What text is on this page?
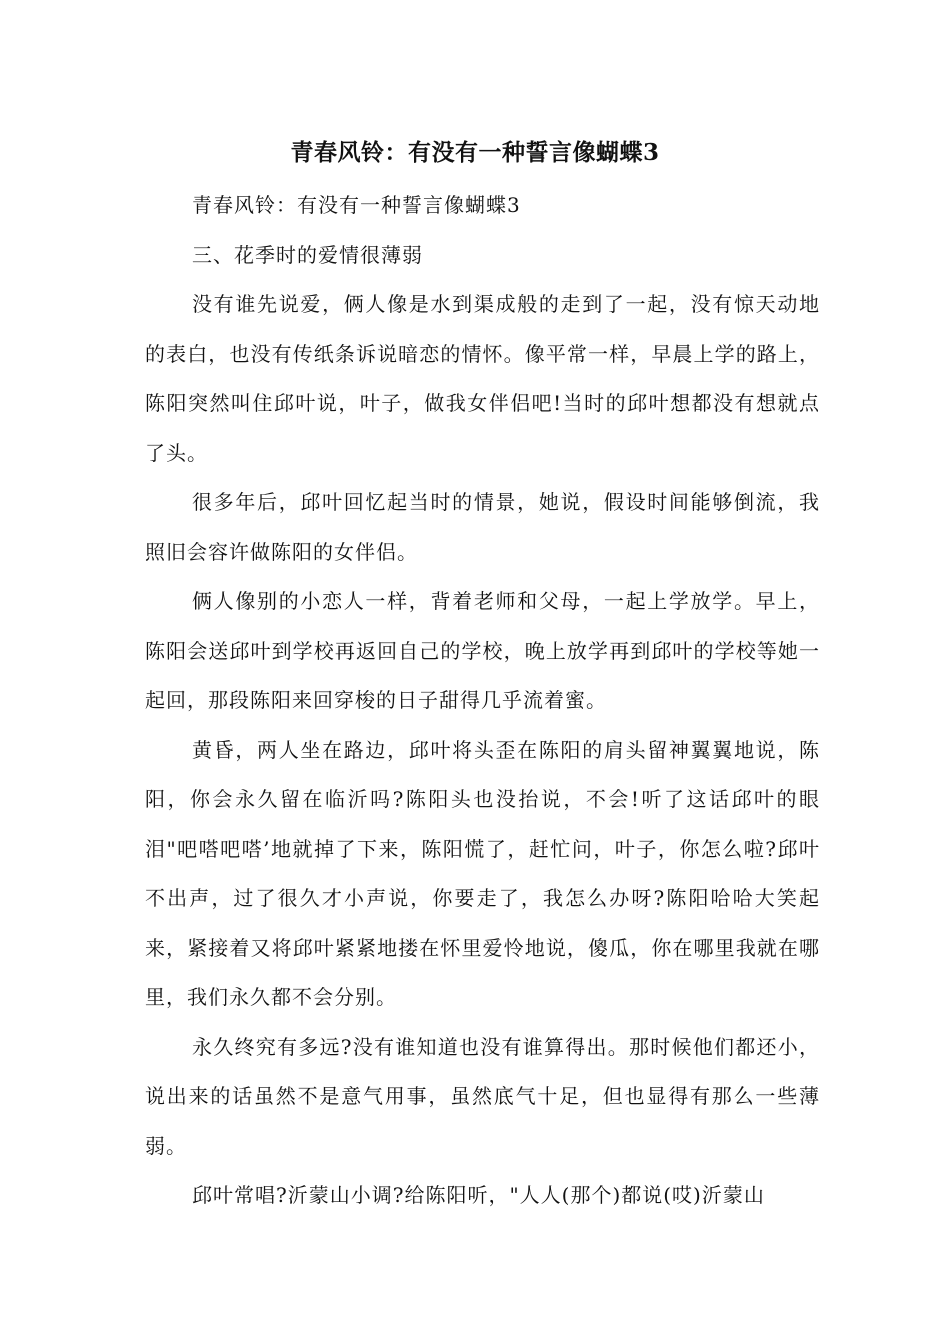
青春风铃：有没有一种誓言像蝴蝶3

青春风铃：有没有一种誓言像蝴蝶3

三、花季时的爱情很薄弱

没有谁先说爱，俩人像是水到渠成般的走到了一起，没有惊天动地的表白，也没有传纸条诉说暗恋的情怀。像平常一样，早晨上学的路上，陈阳突然叫住邱叶说，叶子，做我女伴侣吧!当时的邱叶想都没有想就点了头。

很多年后，邱叶回忆起当时的情景，她说，假设时间能够倒流，我照旧会容许做陈阳的女伴侣。

俩人像别的小恋人一样，背着老师和父母，一起上学放学。早上，陈阳会送邱叶到学校再返回自己的学校，晚上放学再到邱叶的学校等她一起回，那段陈阳来回穿梭的日子甜得几乎流着蜜。

黄昏，两人坐在路边，邱叶将头歪在陈阳的肩头留神翼翼地说，陈阳，你会永久留在临沂吗?陈阳头也没抬说，不会!听了这话邱叶的眼泪"吧嗒吧嗒’地就掉了下来，陈阳慌了，赶忙问，叶子，你怎么啦?邱叶不出声，过了很久才小声说，你要走了，我怎么办呀?陈阳哈哈大笑起来，紧接着又将邱叶紧紧地搂在怀里爱怜地说，傻瓜，你在哪里我就在哪里，我们永久都不会分别。

永久终究有多远?没有谁知道也没有谁算得出。那时候他们都还小，说出来的话虽然不是意气用事，虽然底气十足，但也显得有那么一些薄弱。

邱叶常唱?沂蒙山小调?给陈阳听，"人人(那个)都说(哎)沂蒙山
